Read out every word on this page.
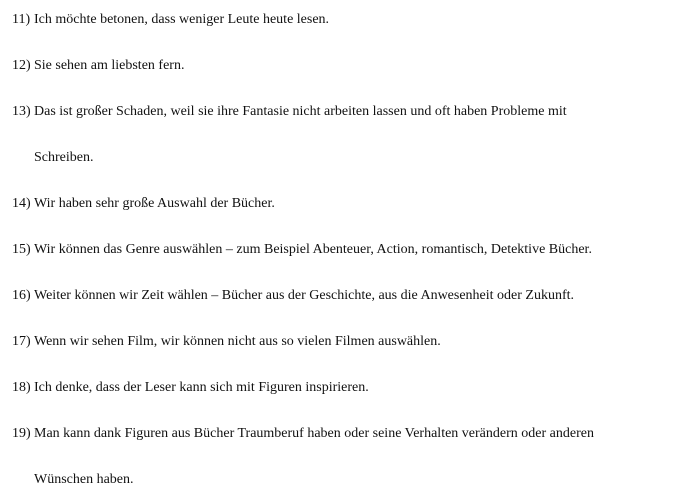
11) Ich möchte betonen, dass weniger Leute heute lesen.
12) Sie sehen am liebsten fern.
13) Das ist großer Schaden, weil sie ihre Fantasie nicht arbeiten lassen und oft haben Probleme mit
Schreiben.
14) Wir haben sehr große Auswahl der Bücher.
15) Wir können das Genre auswählen – zum Beispiel Abenteuer, Action, romantisch, Detektive Bücher.
16) Weiter können wir Zeit wählen – Bücher aus der Geschichte, aus die Anwesenheit oder Zukunft.
17) Wenn wir sehen Film, wir können nicht aus so vielen Filmen auswählen.
18) Ich denke, dass der Leser kann sich mit Figuren inspirieren.
19) Man kann dank Figuren aus Bücher Traumberuf haben oder seine Verhalten verändern oder anderen
Wünschen haben.
